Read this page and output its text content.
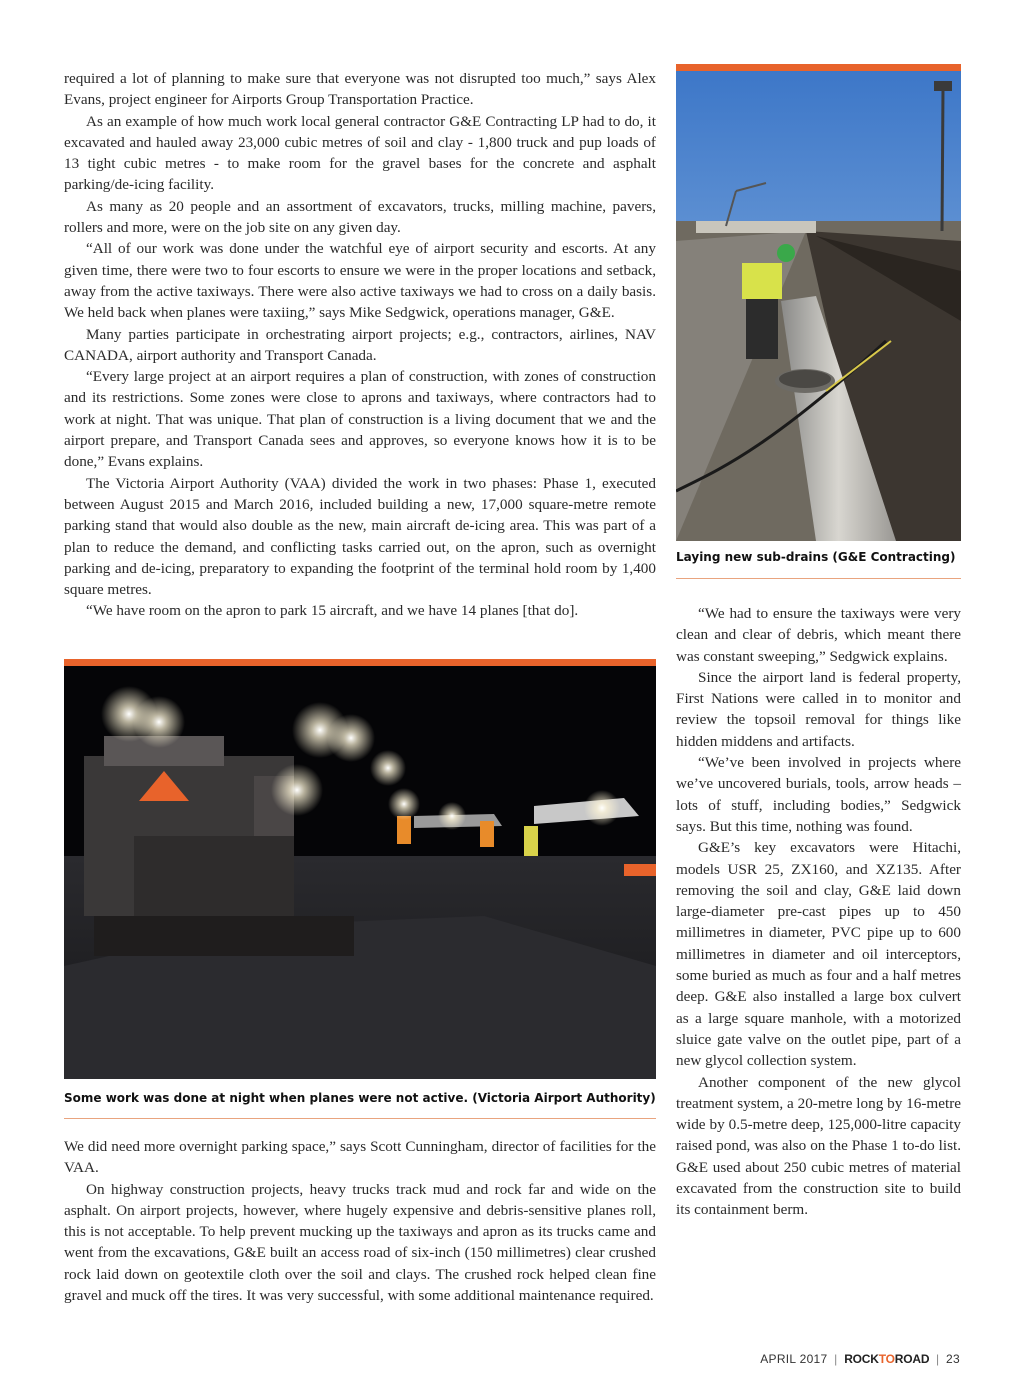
required a lot of planning to make sure that everyone was not disrupted too much,” says Alex Evans, project engineer for Airports Group Transportation Practice.

As an example of how much work local general contractor G&E Contracting LP had to do, it excavated and hauled away 23,000 cubic metres of soil and clay - 1,800 truck and pup loads of 13 tight cubic metres - to make room for the gravel bases for the concrete and asphalt parking/de-icing facility.

As many as 20 people and an assortment of excavators, trucks, milling machine, pavers, rollers and more, were on the job site on any given day.

“All of our work was done under the watchful eye of airport security and escorts. At any given time, there were two to four escorts to ensure we were in the proper locations and setback, away from the active taxiways. There were also active taxiways we had to cross on a daily basis. We held back when planes were taxiing,” says Mike Sedgwick, operations manager, G&E.

Many parties participate in orchestrating airport projects; e.g., contractors, airlines, NAV CANADA, airport authority and Transport Canada.

“Every large project at an airport requires a plan of construction, with zones of construction and its restrictions. Some zones were close to aprons and taxiways, where contractors had to work at night. That was unique. That plan of construction is a living document that we and the airport prepare, and Transport Canada sees and approves, so everyone knows how it is to be done,” Evans explains.

The Victoria Airport Authority (VAA) divided the work in two phases: Phase 1, executed between August 2015 and March 2016, included building a new, 17,000 square-metre remote parking stand that would also double as the new, main aircraft de-icing area. This was part of a plan to reduce the demand, and conflicting tasks carried out, on the apron, such as overnight parking and de-icing, preparatory to expanding the footprint of the terminal hold room by 1,400 square metres.

“We have room on the apron to park 15 aircraft, and we have 14 planes [that do].

Some work was done at night when planes were not active. (Victoria Airport Authority)

We did need more overnight parking space,” says Scott Cunningham, director of facilities for the VAA.

On highway construction projects, heavy trucks track mud and rock far and wide on the asphalt. On airport projects, however, where hugely expensive and debris-sensitive planes roll, this is not acceptable. To help prevent mucking up the taxiways and apron as its trucks came and went from the excavations, G&E built an access road of six-inch (150 millimetres) clear crushed rock laid down on geotextile cloth over the soil and clays. The crushed rock helped clean fine gravel and muck off the tires. It was very successful, with some additional maintenance required.

Laying new sub-drains (G&E Contracting)

“We had to ensure the taxiways were very clean and clear of debris, which meant there was constant sweeping,” Sedgwick explains.

Since the airport land is federal property, First Nations were called in to monitor and review the topsoil removal for things like hidden middens and artifacts.

“We’ve been involved in projects where we’ve uncovered burials, tools, arrow heads – lots of stuff, including bodies,” Sedgwick says. But this time, nothing was found.

G&E’s key excavators were Hitachi, models USR 25, ZX160, and XZ135. After removing the soil and clay, G&E laid down large-diameter pre-cast pipes up to 450 millimetres in diameter, PVC pipe up to 600 millimetres in diameter and oil interceptors, some buried as much as four and a half metres deep. G&E also installed a large box culvert as a large square manhole, with a motorized sluice gate valve on the outlet pipe, part of a new glycol collection system.

Another component of the new glycol treatment system, a 20-metre long by 16-metre wide by 0.5-metre deep, 125,000-litre capacity raised pond, was also on the Phase 1 to-do list. G&E used about 250 cubic metres of material excavated from the construction site to build its containment berm.

APRIL 2017 | ROCKTOROAD | 23
